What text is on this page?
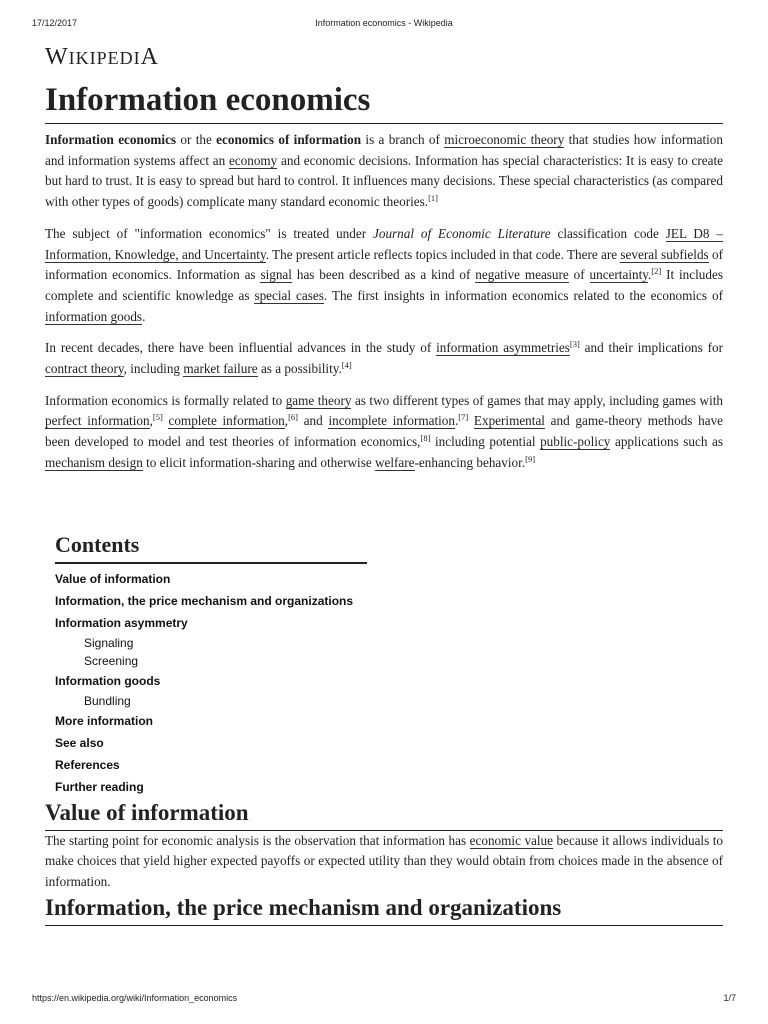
17/12/2017	Information economics - Wikipedia
WIKIPEDIA
Information economics

Information economics or the economics of information is a branch of microeconomic theory that studies how information and information systems affect an economy and economic decisions. Information has special characteristics: It is easy to create but hard to trust. It is easy to spread but hard to control. It influences many decisions. These special characteristics (as compared with other types of goods) complicate many standard economic theories.[1]

The subject of "information economics" is treated under Journal of Economic Literature classification code JEL D8 – Information, Knowledge, and Uncertainty. The present article reflects topics included in that code. There are several subfields of information economics. Information as signal has been described as a kind of negative measure of uncertainty.[2] It includes complete and scientific knowledge as special cases. The first insights in information economics related to the economics of information goods.

In recent decades, there have been influential advances in the study of information asymmetries[3] and their implications for contract theory, including market failure as a possibility.[4]

Information economics is formally related to game theory as two different types of games that may apply, including games with perfect information,[5] complete information,[6] and incomplete information.[7] Experimental and game-theory methods have been developed to model and test theories of information economics,[8] including potential public-policy applications such as mechanism design to elicit information-sharing and otherwise welfare-enhancing behavior.[9]

Contents
Value of information
Information, the price mechanism and organizations
Information asymmetry
Signaling
Screening
Information goods
Bundling
More information
See also
References
Further reading
Value of information

The starting point for economic analysis is the observation that information has economic value because it allows individuals to make choices that yield higher expected payoffs or expected utility than they would obtain from choices made in the absence of information.

Information, the price mechanism and organizations
https://en.wikipedia.org/wiki/Information_economics	1/7
